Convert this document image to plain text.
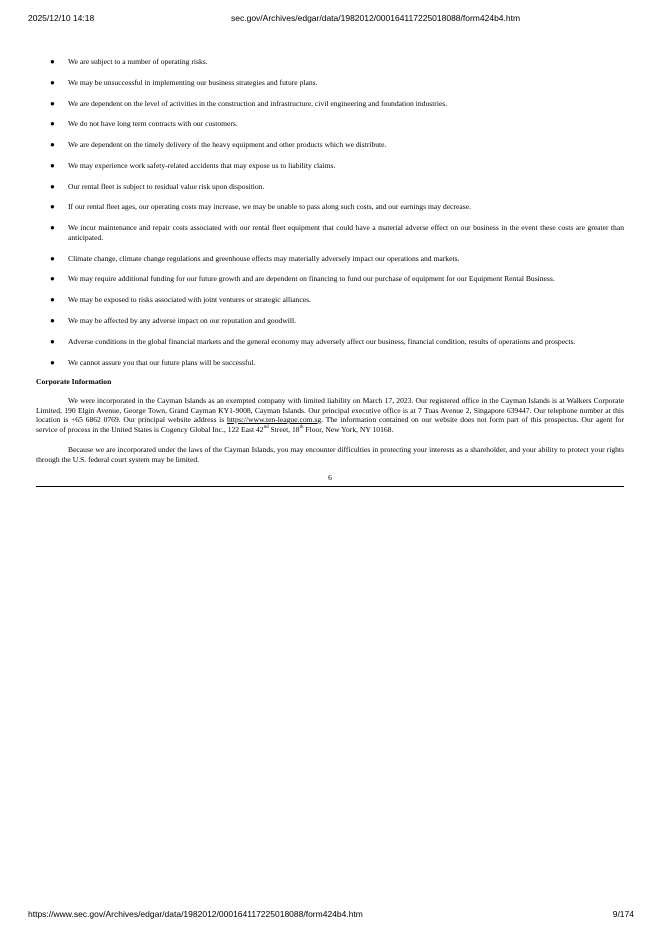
2025/12/10 14:18	sec.gov/Archives/edgar/data/1982012/000164117225018088/form424b4.htm
● We are subject to a number of operating risks.
● We may be unsuccessful in implementing our business strategies and future plans.
● We are dependent on the level of activities in the construction and infrastructure, civil engineering and foundation industries.
● We do not have long term contracts with our customers.
● We are dependent on the timely delivery of the heavy equipment and other products which we distribute.
● We may experience work safety-related accidents that may expose us to liability claims.
● Our rental fleet is subject to residual value risk upon disposition.
● If our rental fleet ages, our operating costs may increase, we may be unable to pass along such costs, and our earnings may decrease.
● We incur maintenance and repair costs associated with our rental fleet equipment that could have a material adverse effect on our business in the event these costs are greater than anticipated.
● Climate change, climate change regulations and greenhouse effects may materially adversely impact our operations and markets.
● We may require additional funding for our future growth and are dependent on financing to fund our purchase of equipment for our Equipment Rental Business.
● We may be exposed to risks associated with joint ventures or strategic alliances.
● We may be affected by any adverse impact on our reputation and goodwill.
● Adverse conditions in the global financial markets and the general economy may adversely affect our business, financial condition, results of operations and prospects.
● We cannot assure you that our future plans will be successful.
Corporate Information

We were incorporated in the Cayman Islands as an exempted company with limited liability on March 17, 2023. Our registered office in the Cayman Islands is at Walkers Corporate Limited, 190 Elgin Avenue, George Town, Grand Cayman KY1-9008, Cayman Islands. Our principal executive office is at 7 Tuas Avenue 2, Singapore 639447. Our telephone number at this location is +65 6862 0769. Our principal website address is https://www.ten-league.com.sg. The information contained on our website does not form part of this prospectus. Our agent for service of process in the United States is Cogency Global Inc., 122 East 42nd Street, 18th Floor, New York, NY 10168.

Because we are incorporated under the laws of the Cayman Islands, you may encounter difficulties in protecting your interests as a shareholder, and your ability to protect your rights through the U.S. federal court system may be limited.

6
https://www.sec.gov/Archives/edgar/data/1982012/000164117225018088/form424b4.htm	9/174
